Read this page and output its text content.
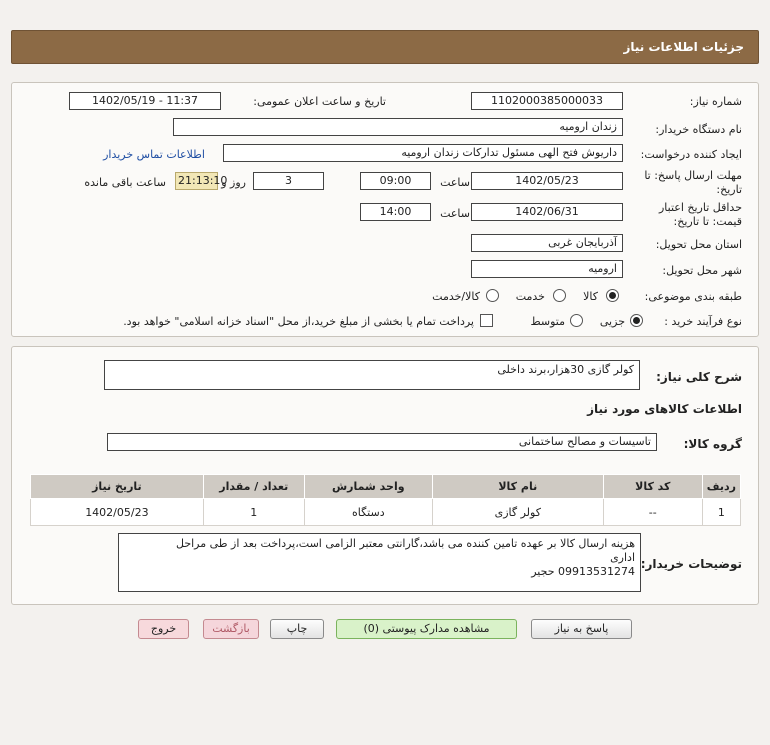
جزئیات اطلاعات نیاز
شماره نیاز:
1102000385000033
تاریخ و ساعت اعلان عمومی:
1402/05/19 - 11:37
نام دستگاه خریدار:
زندان ارومیه
ایجاد کننده درخواست:
داریوش فتح الهی مسئول تدارکات زندان ارومیه
اطلاعات تماس خریدار
مهلت ارسال پاسخ: تا
تاریخ:
1402/05/23
ساعت
09:00
3
روز و
21:13:10
ساعت باقی مانده
حداقل تاریخ اعتبار
قیمت: تا تاریخ:
1402/06/31
ساعت
14:00
استان محل تحویل:
آذربایجان غربی
شهر محل تحویل:
ارومیه
طبقه بندی موضوعی:
کالا
خدمت
کالا/خدمت
نوع فرآیند خرید :
جزیی
متوسط
پرداخت تمام یا بخشی از مبلغ خرید،از محل "اسناد خزانه اسلامی" خواهد بود.
شرح کلی نیاز:
کولر گازی 30هزار،برند داخلی
اطلاعات کالاهای مورد نیاز
گروه کالا:
تاسیسات و مصالح ساختمانی
ردیف	کد کالا	نام کالا	واحد شمارش	تعداد / مقدار	تاریخ نیاز
1	--	کولر گازی	دستگاه	1	1402/05/23
توضیحات خریدار:
هزینه ارسال کالا بر عهده تامین کننده می باشد،گارانتی معتبر الزامی است،پرداخت بعد از طی مراحل
اداری
09913531274 حجیر
پاسخ به نیاز
مشاهده مدارک پیوستی (0)
چاپ
بازگشت
خروج
